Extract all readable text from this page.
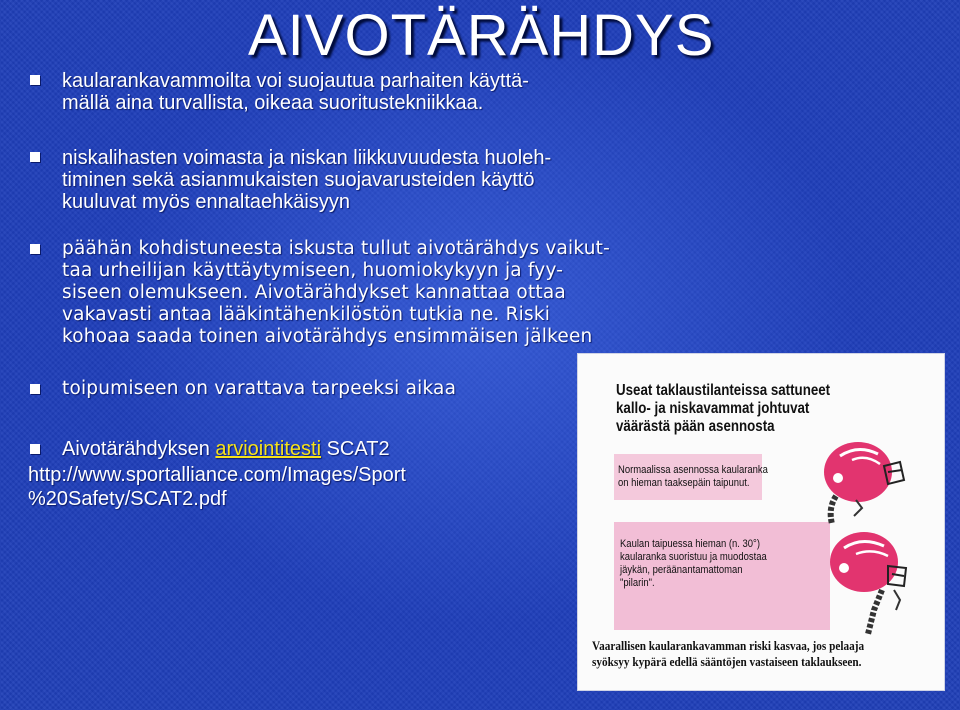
AIVOTÄRÄHDYS
kaularankavammoilta voi suojautua parhaiten käyttä-
mällä aina turvallista, oikeaa suoritustekniikkaa.
niskalihasten voimasta ja niskan liikkuvuudesta huoleh-
timinen sekä asianmukaisten suojavarusteiden käyttö
kuuluvat myös ennaltaehkäisyyn
päähän kohdistuneesta iskusta tullut aivotärähdys vaikut-
taa urheilijan käyttäytymiseen, huomiokykyyn ja fyy-
siseen olemukseen. Aivotärähdykset kannattaa ottaa
vakavasti antaa lääkintähenkilöstön tutkia ne. Riski
kohoaa saada toinen aivotärähdys ensimmäisen jälkeen
toipumiseen on varattava tarpeeksi aikaa
Aivotärähdyksen arviointitesti SCAT2
http://www.sportalliance.com/Images/Sport
%20Safety/SCAT2.pdf
Useat taklaustilanteissa sattuneet
kallo- ja niskavammat johtuvat
väärästä pään asennosta
Normaalissa asennossa kaularanka
on hieman taaksepäin taipunut.
Kaulan taipuessa hieman (n. 30°)
kaularanka suoristuu ja muodostaa
jäykän, peräänantamattoman
"pilarin".
Vaarallisen kaularankavamman riski kasvaa, jos pelaaja
syöksyy kypärä edellä sääntöjen vastaiseen taklaukseen.
